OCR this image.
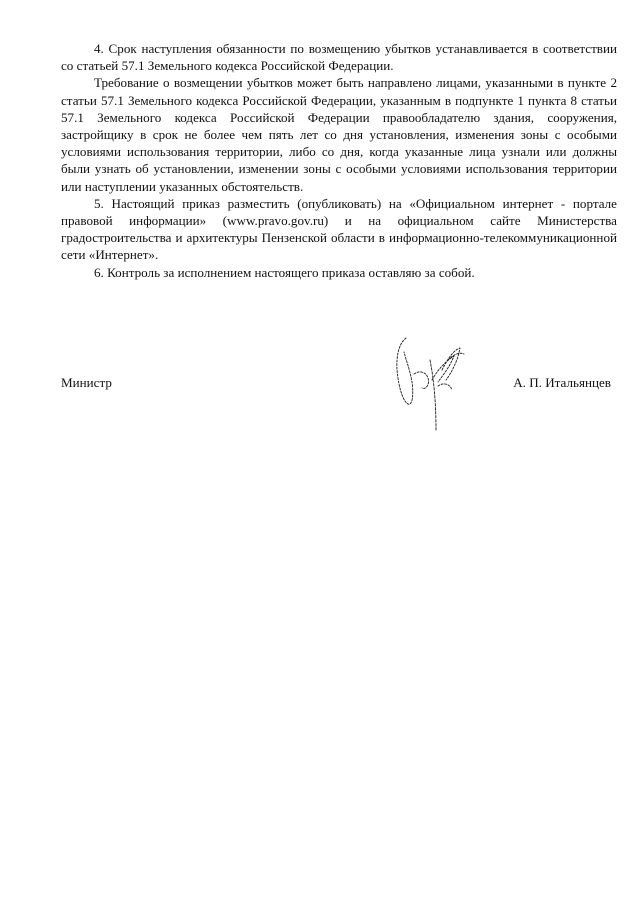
4. Срок наступления обязанности по возмещению убытков устанавливается в соответствии со статьей 57.1 Земельного кодекса Российской Федерации.

Требование о возмещении убытков может быть направлено лицами, указанными в пункте 2 статьи 57.1 Земельного кодекса Российской Федерации, указанным в подпункте 1 пункта 8 статьи 57.1 Земельного кодекса Российской Федерации правообладателю здания, сооружения, застройщику в срок не более чем пять лет со дня установления, изменения зоны с особыми условиями использования территории, либо со дня, когда указанные лица узнали или должны были узнать об установлении, изменении зоны с особыми условиями использования территории или наступлении указанных обстоятельств.

5. Настоящий приказ разместить (опубликовать) на «Официальном интернет - портале правовой информации» (www.pravo.gov.ru) и на официальном сайте Министерства градостроительства и архитектуры Пензенской области в информационно-телекоммуникационной сети «Интернет».

6. Контроль за исполнением настоящего приказа оставляю за собой.

Министр	А. П. Итальянцев
